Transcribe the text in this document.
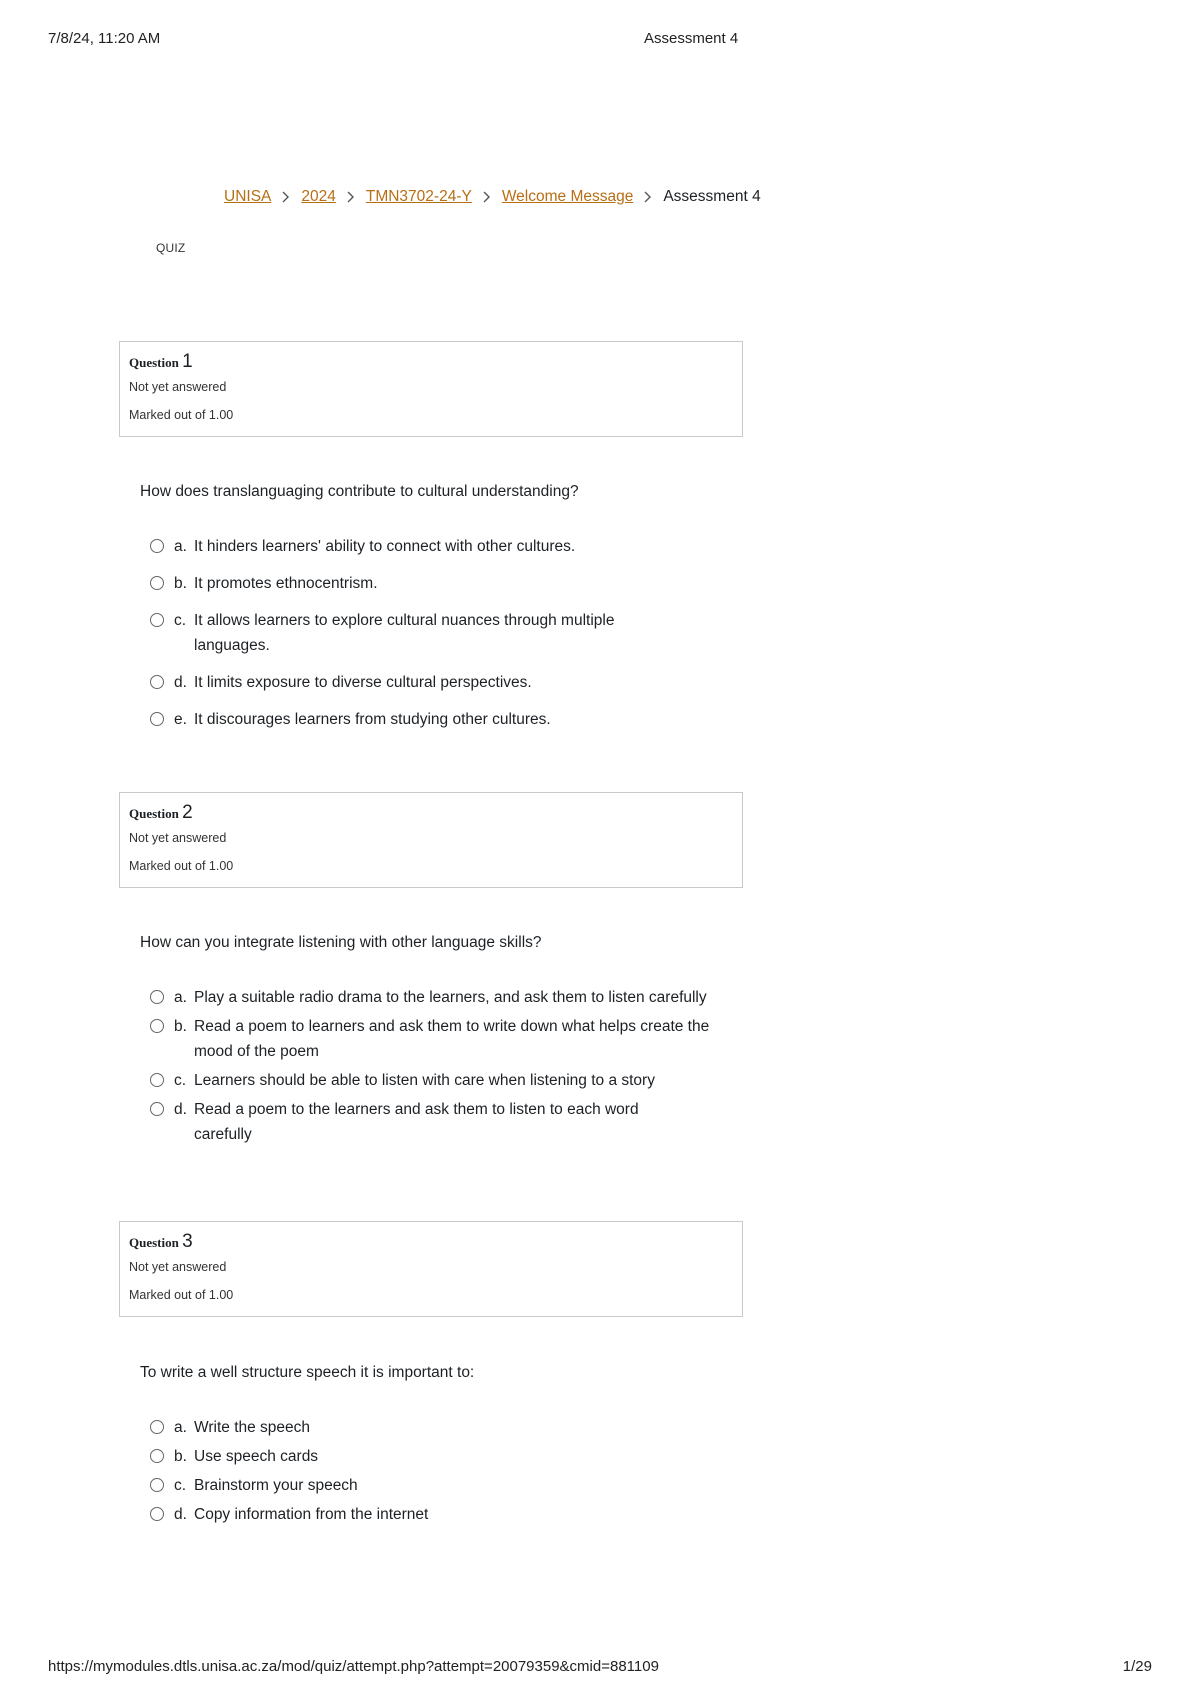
7/8/24, 11:20 AM	Assessment 4
UNISA 2024 TMN3702-24-Y Welcome Message Assessment 4
QUIZ
Question 1
Not yet answered
Marked out of 1.00
How does translanguaging contribute to cultural understanding?
a. It hinders learners' ability to connect with other cultures.
b. It promotes ethnocentrism.
c. It allows learners to explore cultural nuances through multiple languages.
d. It limits exposure to diverse cultural perspectives.
e. It discourages learners from studying other cultures.
Question 2
Not yet answered
Marked out of 1.00
How can you integrate listening with other language skills?
a. Play a suitable radio drama to the learners, and ask them to listen carefully
b. Read a poem to learners and ask them to write down what helps create the mood of the poem
c. Learners should be able to listen with care when listening to a story
d. Read a poem to the learners and ask them to listen to each word carefully
Question 3
Not yet answered
Marked out of 1.00
To write a well structure speech it is important to:
a. Write the speech
b. Use speech cards
c. Brainstorm your speech
d. Copy information from the internet
https://mymodules.dtls.unisa.ac.za/mod/quiz/attempt.php?attempt=20079359&cmid=881109	1/29
